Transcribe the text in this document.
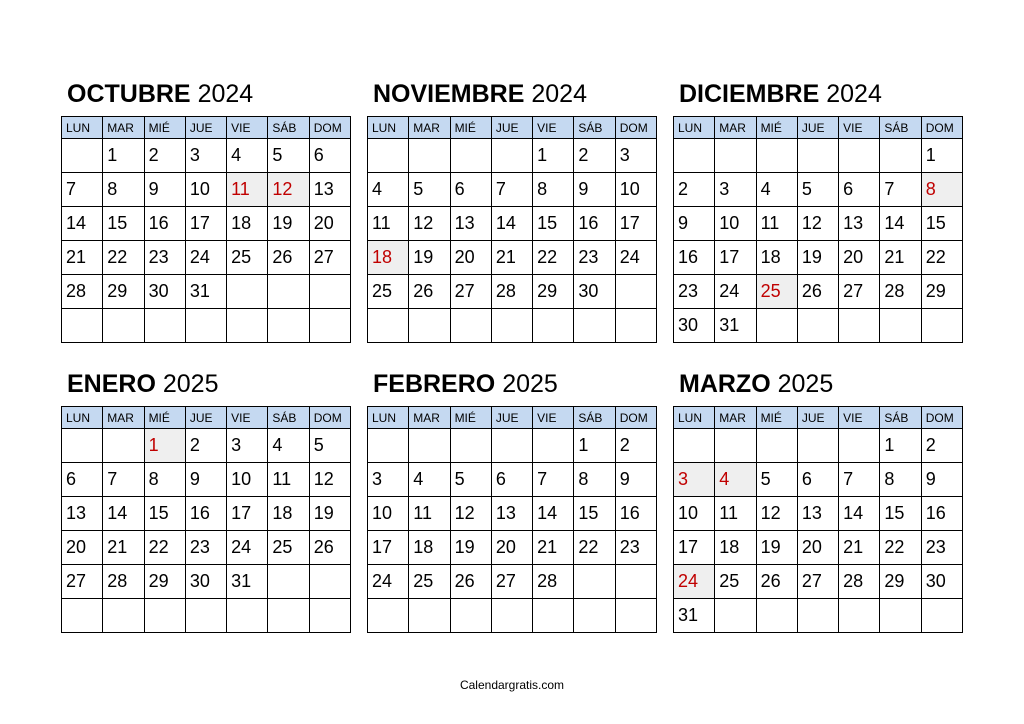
OCTUBRE 2024
LUN	MAR	MIÉ	JUE	VIE	SÁB	DOM
	1	2	3	4	5	6
7	8	9	10	11	12	13
14	15	16	17	18	19	20
21	22	23	24	25	26	27
28	29	30	31			

NOVIEMBRE 2024
LUN	MAR	MIÉ	JUE	VIE	SÁB	DOM
				1	2	3
4	5	6	7	8	9	10
11	12	13	14	15	16	17
18	19	20	21	22	23	24
25	26	27	28	29	30	

DICIEMBRE 2024
LUN	MAR	MIÉ	JUE	VIE	SÁB	DOM
						1
2	3	4	5	6	7	8
9	10	11	12	13	14	15
16	17	18	19	20	21	22
23	24	25	26	27	28	29
30	31					
ENERO 2025
LUN	MAR	MIÉ	JUE	VIE	SÁB	DOM
		1	2	3	4	5
6	7	8	9	10	11	12
13	14	15	16	17	18	19
20	21	22	23	24	25	26
27	28	29	30	31		

FEBRERO 2025
LUN	MAR	MIÉ	JUE	VIE	SÁB	DOM
					1	2
3	4	5	6	7	8	9
10	11	12	13	14	15	16
17	18	19	20	21	22	23
24	25	26	27	28		

MARZO 2025
LUN	MAR	MIÉ	JUE	VIE	SÁB	DOM
					1	2
3	4	5	6	7	8	9
10	11	12	13	14	15	16
17	18	19	20	21	22	23
24	25	26	27	28	29	30
31						
Calendargratis.com
